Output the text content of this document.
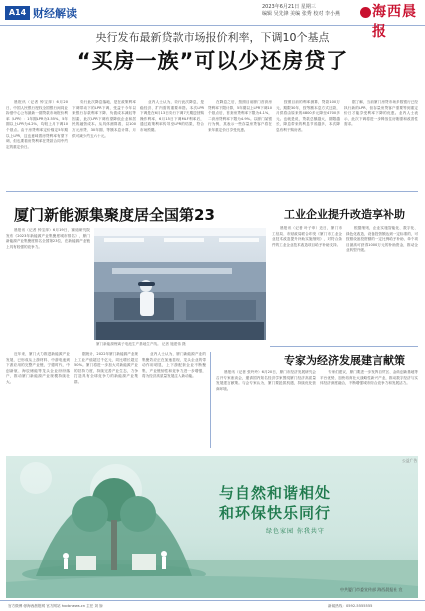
A14 财经解读	2023年6月21日 星期三
编辑 吴先锋 美编 张秀 校对 李小燕 海西晨报
央行发布最新贷款市场报价利率，下调10个基点
“买房一族”可以少还房贷了

晨报讯（记者 钟宝萍）6月20日，中国人民银行授权全国银行间同业拆借中心公布最新一期贷款市场报价利率（LPR）：1年期LPR为3.55%，5年期以上LPR为4.2%，均较上月下调10个基点。由于房贷利率定价锚定5年期以上LPR，这也意味着房贷利率有望下调，但也要看房贷利率在贷款合同中约定的重定价日。

央行此次降息落地，是在政策利率下调带动下的LPR下调，受益于今年以来银行存款利率下降、负债成本减轻等因素，此次LPR下调有望降低企业和居民的融资成本。从具体测算看，以100万元房贷、30年期、等额本息计算，月供可减少约五六十元。

业内人士认为，央行此次降息，是稳经济、扩内需的重要举措。本次LPR下调是在6月13日央行下调7天期逆回购操作利率，6月15日下调MLF利率后，通过政策利率传导至LPR的结果，符合市场预期。

在降息之后，按照目前厦门首套房贷利率下限计算，5年期以上LPR下调10个基点后，首套房贷利率下限为4.1%，二套房贷利率下限为4.9%。以厦门某银行为例，其表示一些存量房贷客户将在来年重定价日享受优惠。

按照目前的利率测算，贷款100万元，期限30年，按等额本息方式还款，月供将由原来的4800多元降至4700多元。也就是说，贷款总额越大，期限越长，降息带来的利息节省越多，本次降息有利于购房者。

据了解，当前厦门房贷市场多数银行已经执行新的LPR，但存量房贷客户需要等到重定价日才能享受利率下降的优惠。业内人士表示，此次下调将进一步释放住房刚需和改善性需求。

厦门新能源集聚度居全国第23
厦门新能源锂离子电池生产基地生产线。 记者 施建伟 摄

晨报讯（记者 钟宝萍）6月19日，赛迪研究院发布《2023年新能源产业集聚度城市排名》，厦门新能源产业集聚度排名全国第23位，在新能源产业链上具有较强的竞争力。

近年来，厦门大力推进新能源产业发展，已形成从上游材料、中游电池到下游应用的完整产业链，宁德时代、中创新航、海辰储能等龙头企业纷纷落户，推动厦门新能源产业规模持续壮大。

据统计，2022年厦门新能源产业规上工业产值超过千亿元，同比增长超过50%。厦门将进一步加大对新能源产业的扶持力度，持续完善产业生态，力争打造具有全球竞争力的新能源产业集群。

业内人士认为，厦门新能源产业的集聚效应正在加速显现，龙头企业的带动作用明显，上下游配套企业不断聚集，产业链韧性和竞争力进一步增强，将为经济高质量发展注入新动能。

工业企业提升改造享补助

晨报讯（记者 叶子申）近日，厦门市工信局、市财政局联合印发《厦门市工业企业技术改造提升补助实施细则》，对符合条件的工业企业技术改造项目给予补助支持。

根据细则，企业实施智能化、数字化、绿色化改造，设备投资额达到一定标准的，可按照设备投资额的一定比例给予补助，单个项目最高可获得1000万元的补助资金，推动企业转型升级。

专家为经济发展建言献策

晨报讯（记者 张玲玲）6月20日，厦门市经济发展研究会召开专家座谈会，邀请国内知名经济学家围绕厦门经济高质量发展建言献策。与会专家认为，厦门要抢抓机遇，持续优化营商环境。

专家们建议，厦门要进一步发挥自贸区、金砖创新基地等平台优势，加快培育壮大战略性新兴产业，推动数字经济与实体经济深度融合，不断增强城市综合竞争力和发展活力。

公益广告
与自然和谐相处
和环保快乐同行
绿色家园 你我共守
中共厦门市委宣传部 海西晨报社 宣
官方微博 @海西晨报网 官方网站 hxcbnews.cn 主任 刘 娇	新闻热线：0592-5555555
